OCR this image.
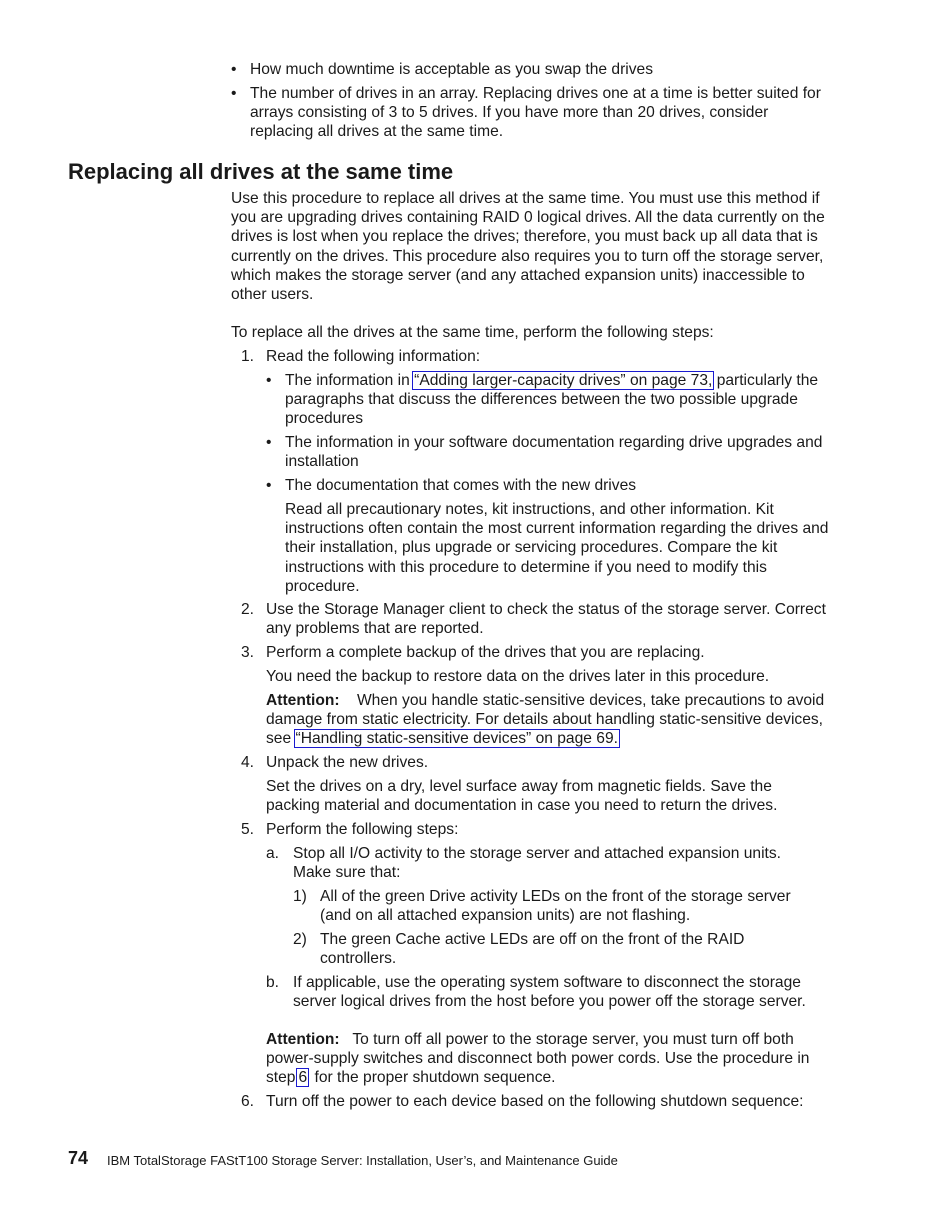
• How much downtime is acceptable as you swap the drives

• The number of drives in an array. Replacing drives one at a time is better suited for arrays consisting of 3 to 5 drives. If you have more than 20 drives, consider replacing all drives at the same time.

Replacing all drives at the same time

Use this procedure to replace all drives at the same time. You must use this method if you are upgrading drives containing RAID 0 logical drives. All the data currently on the drives is lost when you replace the drives; therefore, you must back up all data that is currently on the drives. This procedure also requires you to turn off the storage server, which makes the storage server (and any attached expansion units) inaccessible to other users.

To replace all the drives at the same time, perform the following steps:

1. Read the following information:

• The information in “Adding larger-capacity drives” on page 73, particularly the paragraphs that discuss the differences between the two possible upgrade procedures

• The information in your software documentation regarding drive upgrades and installation

• The documentation that comes with the new drives

Read all precautionary notes, kit instructions, and other information. Kit instructions often contain the most current information regarding the drives and their installation, plus upgrade or servicing procedures. Compare the kit instructions with this procedure to determine if you need to modify this procedure.

2. Use the Storage Manager client to check the status of the storage server. Correct any problems that are reported.

3. Perform a complete backup of the drives that you are replacing.

You need the backup to restore data on the drives later in this procedure.

Attention: When you handle static-sensitive devices, take precautions to avoid damage from static electricity. For details about handling static-sensitive devices, see “Handling static-sensitive devices” on page 69.

4. Unpack the new drives.

Set the drives on a dry, level surface away from magnetic fields. Save the packing material and documentation in case you need to return the drives.

5. Perform the following steps:

a. Stop all I/O activity to the storage server and attached expansion units. Make sure that:

1) All of the green Drive activity LEDs on the front of the storage server (and on all attached expansion units) are not flashing.

2) The green Cache active LEDs are off on the front of the RAID controllers.

b. If applicable, use the operating system software to disconnect the storage server logical drives from the host before you power off the storage server.

Attention: To turn off all power to the storage server, you must turn off both power-supply switches and disconnect both power cords. Use the procedure in step 6 for the proper shutdown sequence.

6. Turn off the power to each device based on the following shutdown sequence:

74 IBM TotalStorage FAStT100 Storage Server: Installation, User’s, and Maintenance Guide
